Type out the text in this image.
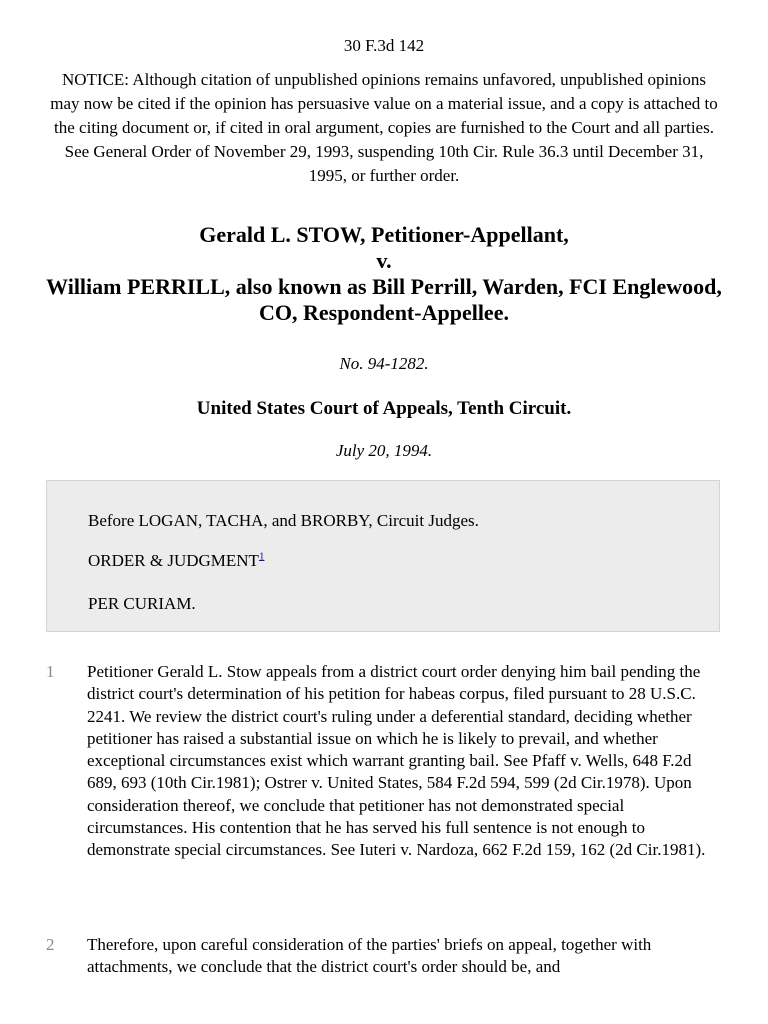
30 F.3d 142
NOTICE: Although citation of unpublished opinions remains unfavored, unpublished opinions may now be cited if the opinion has persuasive value on a material issue, and a copy is attached to the citing document or, if cited in oral argument, copies are furnished to the Court and all parties. See General Order of November 29, 1993, suspending 10th Cir. Rule 36.3 until December 31, 1995, or further order.
Gerald L. STOW, Petitioner-Appellant,
v.
William PERRILL, also known as Bill Perrill, Warden, FCI Englewood, CO, Respondent-Appellee.
No. 94-1282.
United States Court of Appeals, Tenth Circuit.
July 20, 1994.

Before LOGAN, TACHA, and BRORBY, Circuit Judges.

ORDER & JUDGMENT$^1$

PER CURIAM.

1 Petitioner Gerald L. Stow appeals from a district court order denying him bail pending the district court's determination of his petition for habeas corpus, filed pursuant to 28 U.S.C. 2241. We review the district court's ruling under a deferential standard, deciding whether petitioner has raised a substantial issue on which he is likely to prevail, and whether exceptional circumstances exist which warrant granting bail. See Pfaff v. Wells, 648 F.2d 689, 693 (10th Cir.1981); Ostrer v. United States, 584 F.2d 594, 599 (2d Cir.1978). Upon consideration thereof, we conclude that petitioner has not demonstrated special circumstances. His contention that he has served his full sentence is not enough to demonstrate special circumstances. See Iuteri v. Nardoza, 662 F.2d 159, 162 (2d Cir.1981).
2 Therefore, upon careful consideration of the parties' briefs on appeal, together with attachments, we conclude that the district court's order should be, and
